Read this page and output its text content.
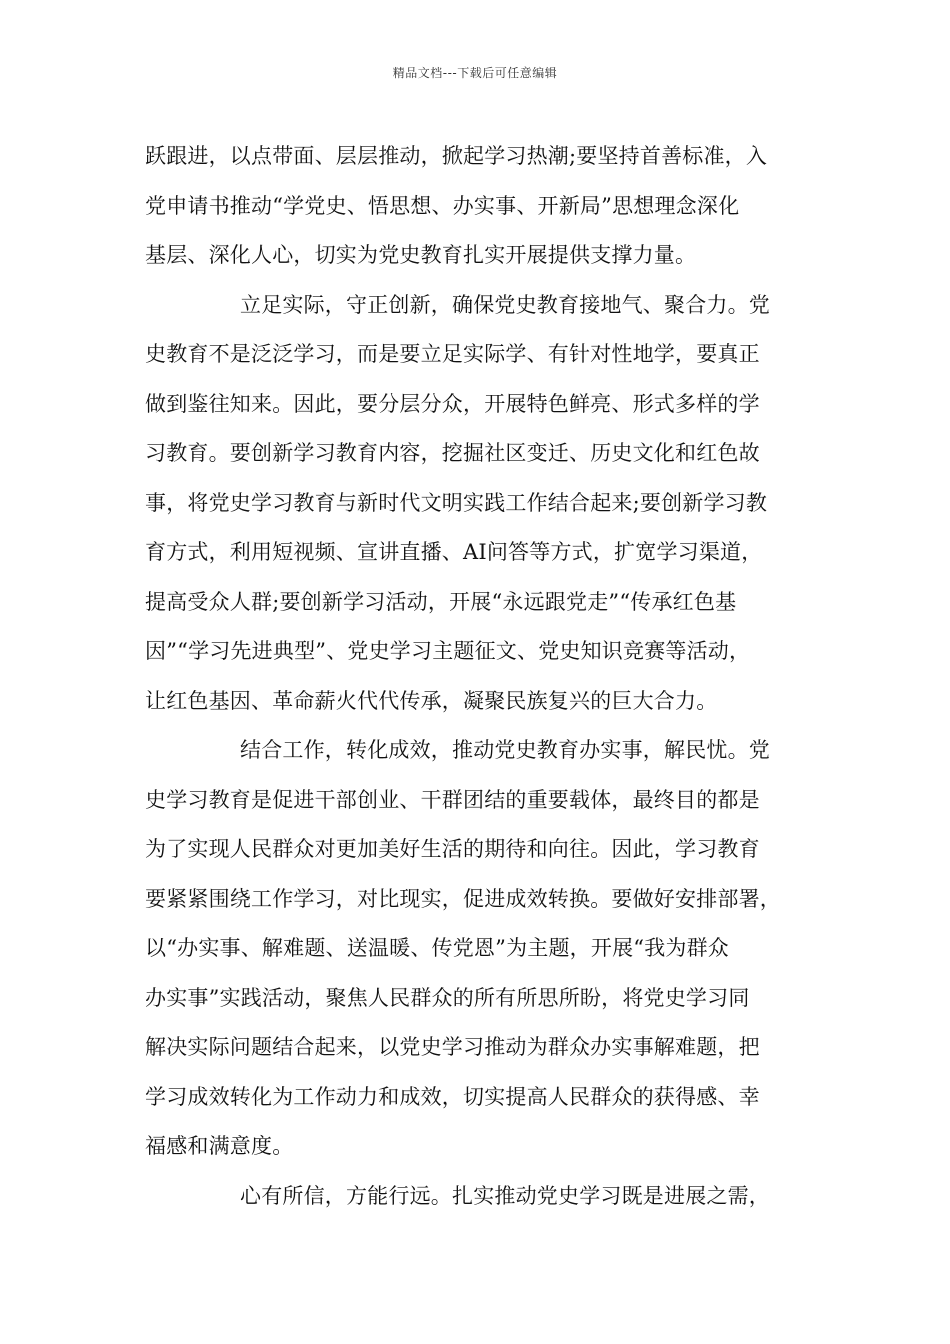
精品文档---下载后可任意编辑
跃跟进，以点带面、层层推动，掀起学习热潮;要坚持首善标准，入
党申请书推动“学党史、悟思想、办实事、开新局”思想理念深化
基层、深化人心，切实为党史教育扎实开展提供支撑力量。
立足实际，守正创新，确保党史教育接地气、聚合力。党
史教育不是泛泛学习，而是要立足实际学、有针对性地学，要真正
做到鉴往知来。因此，要分层分众，开展特色鲜亮、形式多样的学
习教育。要创新学习教育内容，挖掘社区变迁、历史文化和红色故
事，将党史学习教育与新时代文明实践工作结合起来;要创新学习教
育方式，利用短视频、宣讲直播、AI问答等方式，扩宽学习渠道，
提高受众人群;要创新学习活动，开展“永远跟党走”“传承红色基
因”“学习先进典型”、党史学习主题征文、党史知识竞赛等活动，
让红色基因、革命薪火代代传承，凝聚民族复兴的巨大合力。
结合工作，转化成效，推动党史教育办实事，解民忧。党
史学习教育是促进干部创业、干群团结的重要载体，最终目的都是
为了实现人民群众对更加美好生活的期待和向往。因此，学习教育
要紧紧围绕工作学习，对比现实，促进成效转换。要做好安排部署，
以“办实事、解难题、送温暖、传党恩”为主题，开展“我为群众
办实事”实践活动，聚焦人民群众的所有所思所盼，将党史学习同
解决实际问题结合起来，以党史学习推动为群众办实事解难题，把
学习成效转化为工作动力和成效，切实提高人民群众的获得感、幸
福感和满意度。
心有所信，方能行远。扎实推动党史学习既是进展之需，
